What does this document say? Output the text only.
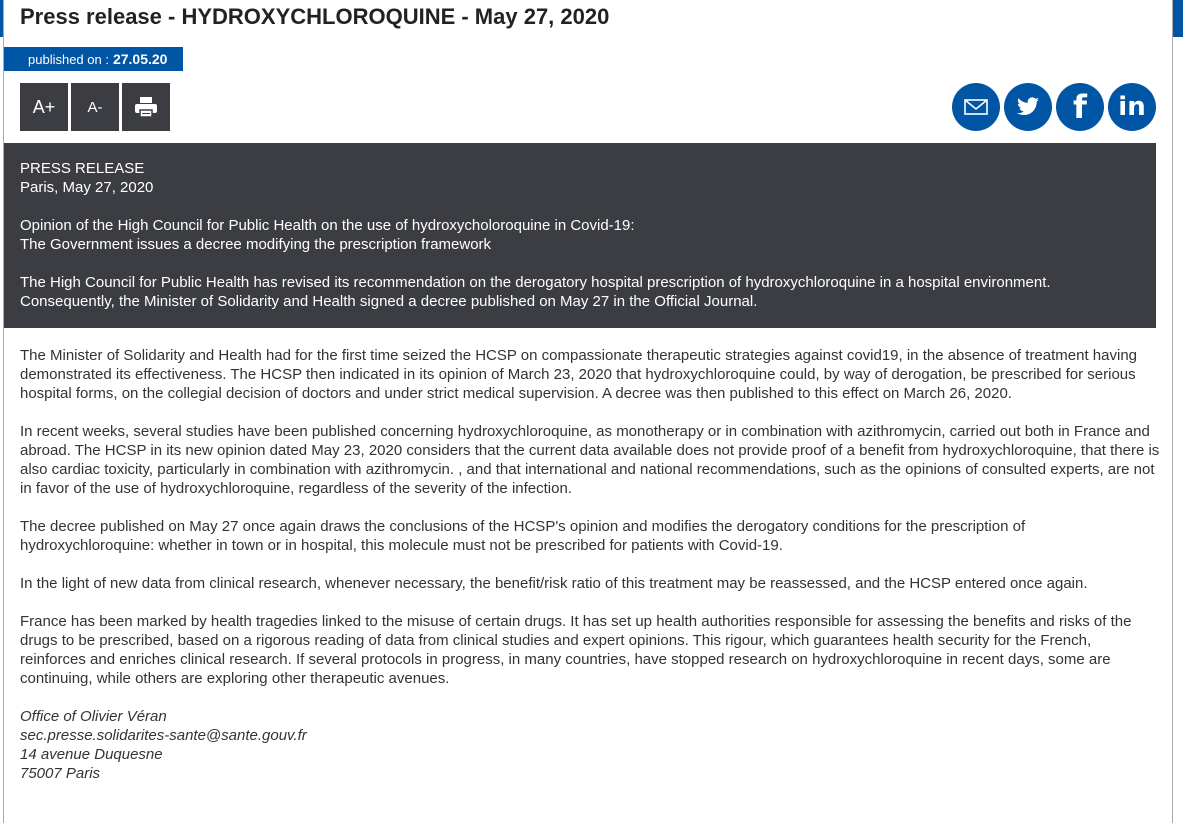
Press release - HYDROXYCHLOROQUINE - May 27, 2020
published on : 27.05.20
A+	A-	f in

PRESS RELEASE
Paris, May 27, 2020

Opinion of the High Council for Public Health on the use of hydroxycholoroquine in Covid-19:
The Government issues a decree modifying the prescription framework

The High Council for Public Health has revised its recommendation on the derogatory hospital prescription of hydroxychloroquine in a hospital environment. Consequently, the Minister of Solidarity and Health signed a decree published on May 27 in the Official Journal.

The Minister of Solidarity and Health had for the first time seized the HCSP on compassionate therapeutic strategies against covid19, in the absence of treatment having demonstrated its effectiveness. The HCSP then indicated in its opinion of March 23, 2020 that hydroxychloroquine could, by way of derogation, be prescribed for serious hospital forms, on the collegial decision of doctors and under strict medical supervision. A decree was then published to this effect on March 26, 2020.

In recent weeks, several studies have been published concerning hydroxychloroquine, as monotherapy or in combination with azithromycin, carried out both in France and abroad. The HCSP in its new opinion dated May 23, 2020 considers that the current data available does not provide proof of a benefit from hydroxychloroquine, that there is also cardiac toxicity, particularly in combination with azithromycin. , and that international and national recommendations, such as the opinions of consulted experts, are not in favor of the use of hydroxychloroquine, regardless of the severity of the infection.

The decree published on May 27 once again draws the conclusions of the HCSP's opinion and modifies the derogatory conditions for the prescription of hydroxychloroquine: whether in town or in hospital, this molecule must not be prescribed for patients with Covid-19.

In the light of new data from clinical research, whenever necessary, the benefit/risk ratio of this treatment may be reassessed, and the HCSP entered once again.

France has been marked by health tragedies linked to the misuse of certain drugs. It has set up health authorities responsible for assessing the benefits and risks of the drugs to be prescribed, based on a rigorous reading of data from clinical studies and expert opinions. This rigour, which guarantees health security for the French, reinforces and enriches clinical research. If several protocols in progress, in many countries, have stopped research on hydroxychloroquine in recent days, some are continuing, while others are exploring other therapeutic avenues.

Office of Olivier Véran
sec.presse.solidarites-sante@sante.gouv.fr
14 avenue Duquesne
75007 Paris
